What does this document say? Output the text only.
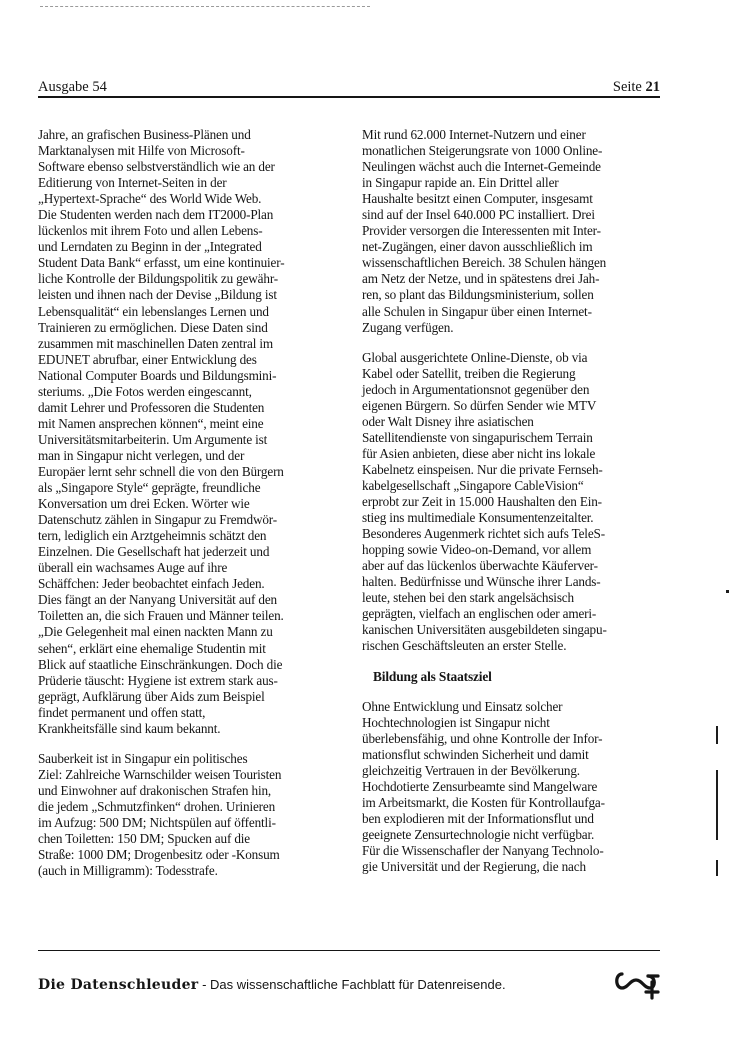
Ausgabe 54	Seite 21

Jahre, an grafischen Business-Plänen und
Marktanalysen mit Hilfe von Microsoft-
Software ebenso selbstverständlich wie an der
Editierung von Internet-Seiten in der
„Hypertext-Sprache“ des World Wide Web.
Die Studenten werden nach dem IT2000-Plan
lückenlos mit ihrem Foto und allen Lebens-
und Lerndaten zu Beginn in der „Integrated
Student Data Bank“ erfasst, um eine kontinuier-
liche Kontrolle der Bildungspolitik zu gewähr-
leisten und ihnen nach der Devise „Bildung ist
Lebensqualität“ ein lebenslanges Lernen und
Trainieren zu ermöglichen. Diese Daten sind
zusammen mit maschinellen Daten zentral im
EDUNET abrufbar, einer Entwicklung des
National Computer Boards und Bildungsmini-
steriums. „Die Fotos werden eingescannt,
damit Lehrer und Professoren die Studenten
mit Namen ansprechen können“, meint eine
Universitätsmitarbeiterin. Um Argumente ist
man in Singapur nicht verlegen, und der
Europäer lernt sehr schnell die von den Bürgern
als „Singapore Style“ geprägte, freundliche
Konversation um drei Ecken. Wörter wie
Datenschutz zählen in Singapur zu Fremdwör-
tern, lediglich ein Arztgeheimnis schätzt den
Einzelnen. Die Gesellschaft hat jederzeit und
überall ein wachsames Auge auf ihre
Schäffchen: Jeder beobachtet einfach Jeden.
Dies fängt an der Nanyang Universität auf den
Toiletten an, die sich Frauen und Männer teilen.
„Die Gelegenheit mal einen nackten Mann zu
sehen“, erklärt eine ehemalige Studentin mit
Blick auf staatliche Einschränkungen. Doch die
Prüderie täuscht: Hygiene ist extrem stark aus-
geprägt, Aufklärung über Aids zum Beispiel
findet permanent und offen statt,
Krankheitsfälle sind kaum bekannt.

Sauberkeit ist in Singapur ein politisches
Ziel: Zahlreiche Warnschilder weisen Touristen
und Einwohner auf drakonischen Strafen hin,
die jedem „Schmutzfinken“ drohen. Urinieren
im Aufzug: 500 DM; Nichtspülen auf öffentli-
chen Toiletten: 150 DM; Spucken auf die
Straße: 1000 DM; Drogenbesitz oder -Konsum
(auch in Milligramm): Todesstrafe.

Mit rund 62.000 Internet-Nutzern und einer
monatlichen Steigerungsrate von 1000 Online-
Neulingen wächst auch die Internet-Gemeinde
in Singapur rapide an. Ein Drittel aller
Haushalte besitzt einen Computer, insgesamt
sind auf der Insel 640.000 PC installiert. Drei
Provider versorgen die Interessenten mit Inter-
net-Zugängen, einer davon ausschließlich im
wissenschaftlichen Bereich. 38 Schulen hängen
am Netz der Netze, und in spätestens drei Jah-
ren, so plant das Bildungsministerium, sollen
alle Schulen in Singapur über einen Internet-
Zugang verfügen.

Global ausgerichtete Online-Dienste, ob via
Kabel oder Satellit, treiben die Regierung
jedoch in Argumentationsnot gegenüber den
eigenen Bürgern. So dürfen Sender wie MTV
oder Walt Disney ihre asiatischen
Satellitendienste von singapurischem Terrain
für Asien anbieten, diese aber nicht ins lokale
Kabelnetz einspeisen. Nur die private Fernseh-
kabelgesellschaft „Singapore CableVision“
erprobt zur Zeit in 15.000 Haushalten den Ein-
stieg ins multimediale Konsumentenzeitalter.
Besonderes Augenmerk richtet sich aufs TeleS-
hopping sowie Video-on-Demand, vor allem
aber auf das lückenlos überwachte Käuferver-
halten. Bedürfnisse und Wünsche ihrer Lands-
leute, stehen bei den stark angelsächsisch
geprägten, vielfach an englischen oder ameri-
kanischen Universitäten ausgebildeten singapu-
rischen Geschäftsleuten an erster Stelle.

Bildung als Staatsziel

Ohne Entwicklung und Einsatz solcher
Hochtechnologien ist Singapur nicht
überlebensfähig, und ohne Kontrolle der Infor-
mationsflut schwinden Sicherheit und damit
gleichzeitig Vertrauen in der Bevölkerung.
Hochdotierte Zensurbeamte sind Mangelware
im Arbeitsmarkt, die Kosten für Kontrollaufga-
ben explodieren mit der Informationsflut und
geeignete Zensurtechnologie nicht verfügbar.
Für die Wissenschafler der Nanyang Technolo-
gie Universität und der Regierung, die nach

Die Datenschleuder - Das wissenschaftliche Fachblatt für Datenreisende.
